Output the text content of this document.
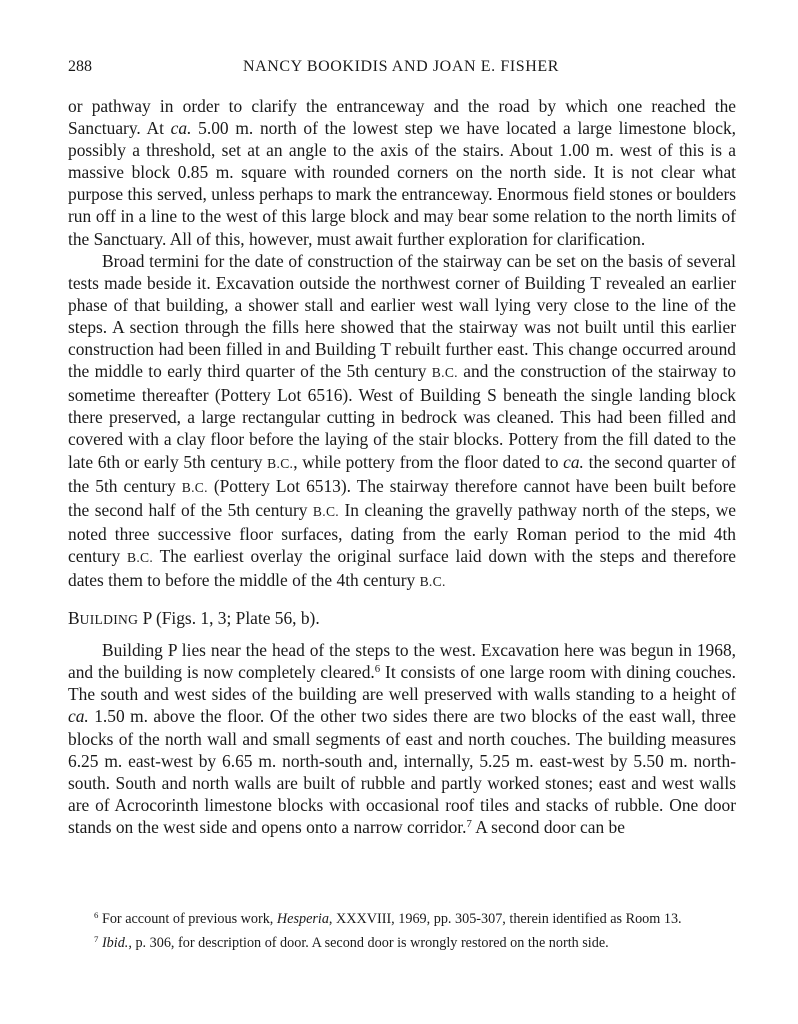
288	NANCY BOOKIDIS AND JOAN E. FISHER

or pathway in order to clarify the entranceway and the road by which one reached the Sanctuary. At ca. 5.00 m. north of the lowest step we have located a large limestone block, possibly a threshold, set at an angle to the axis of the stairs. About 1.00 m. west of this is a massive block 0.85 m. square with rounded corners on the north side. It is not clear what purpose this served, unless perhaps to mark the entranceway. Enormous field stones or boulders run off in a line to the west of this large block and may bear some relation to the north limits of the Sanctuary. All of this, however, must await further exploration for clarification.

Broad termini for the date of construction of the stairway can be set on the basis of several tests made beside it. Excavation outside the northwest corner of Building T revealed an earlier phase of that building, a shower stall and earlier west wall lying very close to the line of the steps. A section through the fills here showed that the stairway was not built until this earlier construction had been filled in and Building T rebuilt further east. This change occurred around the middle to early third quarter of the 5th century B.C. and the construction of the stairway to sometime thereafter (Pottery Lot 6516). West of Building S beneath the single landing block there preserved, a large rectangular cutting in bedrock was cleaned. This had been filled and covered with a clay floor before the laying of the stair blocks. Pottery from the fill dated to the late 6th or early 5th century B.C., while pottery from the floor dated to ca. the second quarter of the 5th century B.C. (Pottery Lot 6513). The stairway therefore cannot have been built before the second half of the 5th century B.C. In cleaning the gravelly pathway north of the steps, we noted three successive floor surfaces, dating from the early Roman period to the mid 4th century B.C. The earliest overlay the original surface laid down with the steps and therefore dates them to before the middle of the 4th century B.C.

BUILDING P (Figs. 1, 3; Plate 56, b).

Building P lies near the head of the steps to the west. Excavation here was begun in 1968, and the building is now completely cleared.$^6$ It consists of one large room with dining couches. The south and west sides of the building are well preserved with walls standing to a height of ca. 1.50 m. above the floor. Of the other two sides there are two blocks of the east wall, three blocks of the north wall and small segments of east and north couches. The building measures 6.25 m. east-west by 6.65 m. north-south and, internally, 5.25 m. east-west by 5.50 m. north-south. South and north walls are built of rubble and partly worked stones; east and west walls are of Acrocorinth limestone blocks with occasional roof tiles and stacks of rubble. One door stands on the west side and opens onto a narrow corridor.$^7$ A second door can be

$^6$ For account of previous work, Hesperia, XXXVIII, 1969, pp. 305-307, therein identified as Room 13.

$^7$ Ibid., p. 306, for description of door. A second door is wrongly restored on the north side.
